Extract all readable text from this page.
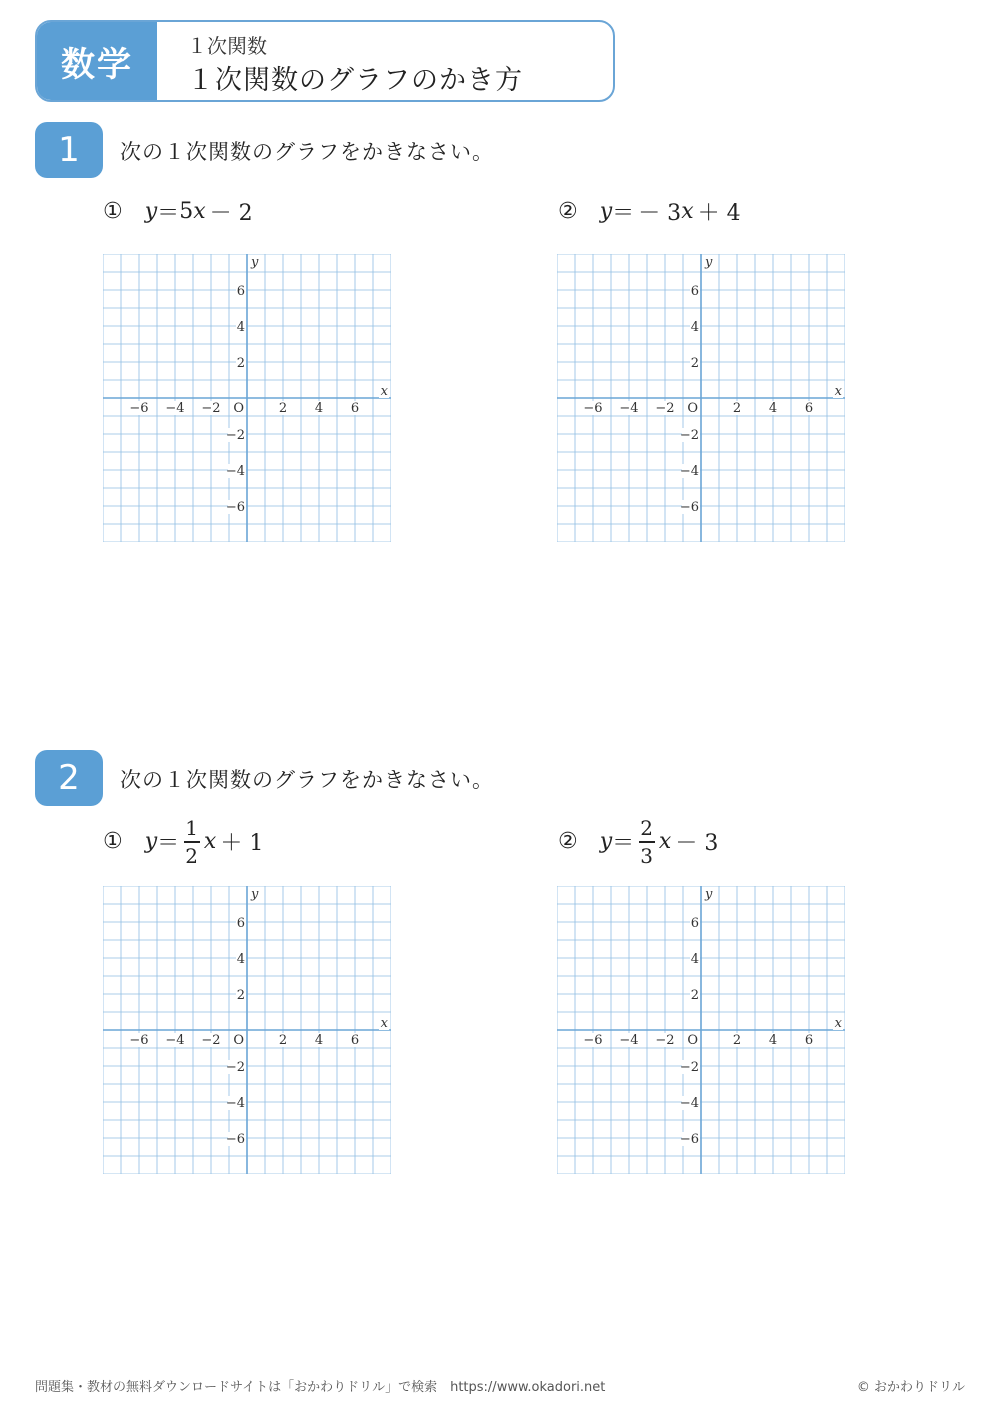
数学	１次関数
１次関数のグラフのかき方
1	次の１次関数のグラフをかきなさい。
① y ＝ 5 x － 2	② y ＝ － 3 x ＋ 4
−6 −4 −2	2 4 6
6
4
2
−2
−4
−6
O
x
y
−6 −4 −2	2 4 6
6
4
2
−2
−4
−6
O
x
y
2	次の１次関数のグラフをかきなさい。
① $y = \frac{1}{2}$ x ＋ 1	② $y = \frac{2}{3}$ x － 3
−6 −4 −2	2 4 6
6
4
2
−2
−4
−6
O
x
y
−6 −4 −2	2 4 6
6
4
2
−2
−4
−6
O
x
y
問題集・教材の無料ダウンロードサイトは「おかわりドリル」で検索　https://www.okadori.net	© おかわりドリル
